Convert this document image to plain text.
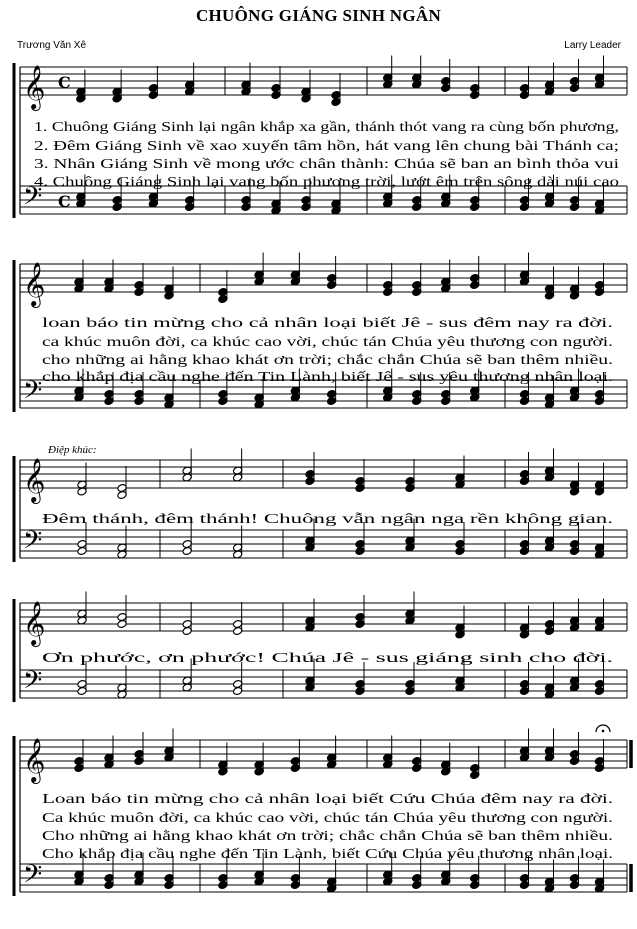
CHUÔNG GIÁNG SINH NGÂN
Trương Văn Xê	Larry Leader
𝄞
𝄢
C
C
1. Chuông Giáng Sinh lại ngân khắp xa gần, thánh thót vang ra cùng bốn phương,
2. Đêm Giáng Sinh về xao xuyến tâm hồn, hát vang lên chung bài Thánh ca;
3. Nhân Giáng Sinh về mong ước chân thành: Chúa sẽ ban an bình thỏa vui
4. Chuông Giáng Sinh lại vang bốn phương trời, lướt êm trên sông dài núi cao
𝄞
𝄢
loan báo tin mừng cho cả nhân loại biết Jê - sus đêm nay ra đời.
ca khúc muôn đời, ca khúc cao vời, chúc tán Chúa yêu thương con người.
cho những ai hằng khao khát ơn trời; chắc chắn Chúa sẽ ban thêm nhiều.
cho khắp địa cầu nghe đến Tin Lành, biết Jê - sus yêu thương nhân loại.
𝄞
𝄢
Điệp khúc:
Đêm thánh, đêm thánh! Chuông vẫn ngân nga rền không gian.
𝄞
𝄢
Ơn phước, ơn phước! Chúa Jê - sus giáng sinh cho đời.
𝄞
𝄢
Loan báo tin mừng cho cả nhân loại biết Cứu Chúa đêm nay ra đời.
Ca khúc muôn đời, ca khúc cao vời, chúc tán Chúa yêu thương con người.
Cho những ai hằng khao khát ơn trời; chắc chắn Chúa sẽ ban thêm nhiều.
Cho khắp địa cầu nghe đến Tin Lành, biết Cứu Chúa yêu thương nhân loại.
